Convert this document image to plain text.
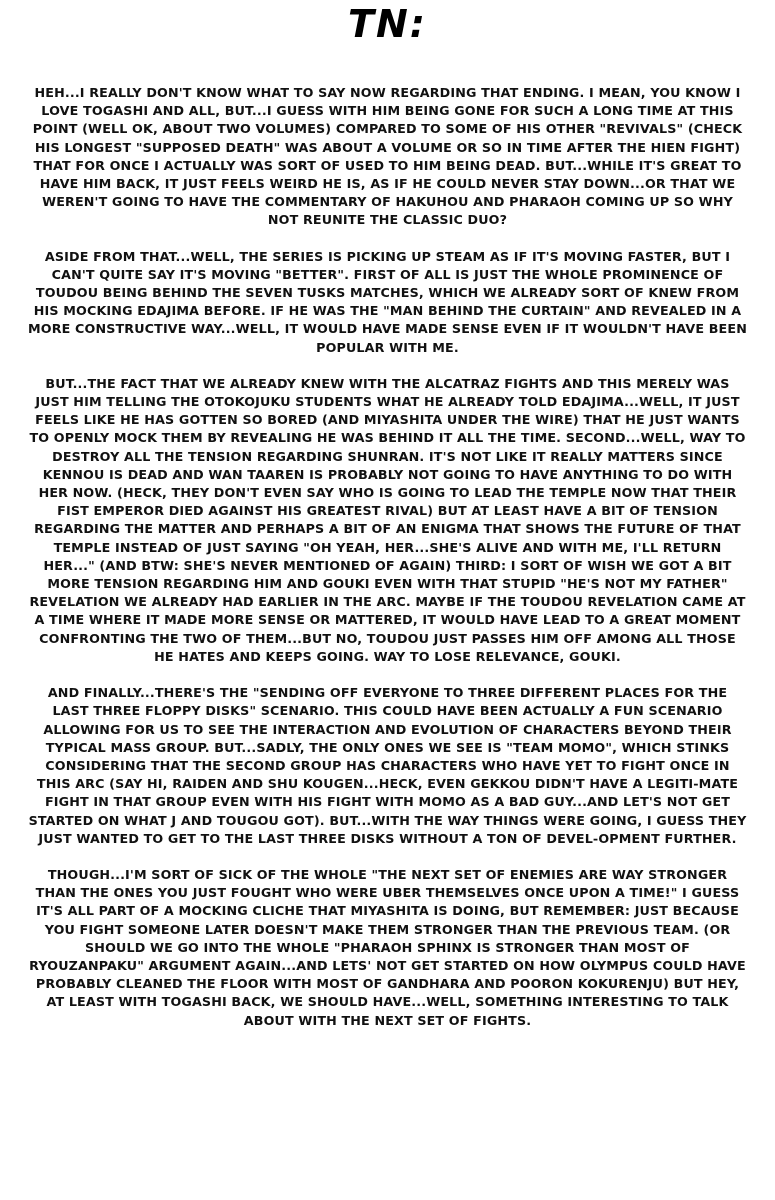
TN:

HEH...I REALLY DON'T KNOW WHAT TO SAY NOW REGARDING THAT ENDING. I MEAN, YOU KNOW I LOVE TOGASHI AND ALL, BUT...I GUESS WITH HIM BEING GONE FOR SUCH A LONG TIME AT THIS POINT (WELL OK, ABOUT TWO VOLUMES) COMPARED TO SOME OF HIS OTHER "REVIVALS" (CHECK HIS LONGEST "SUPPOSED DEATH" WAS ABOUT A VOLUME OR SO IN TIME AFTER THE HIEN FIGHT) THAT FOR ONCE I ACTUALLY WAS SORT OF USED TO HIM BEING DEAD. BUT...WHILE IT'S GREAT TO HAVE HIM BACK, IT JUST FEELS WEIRD HE IS, AS IF HE COULD NEVER STAY DOWN...OR THAT WE WEREN'T GOING TO HAVE THE COMMENTARY OF HAKUHOU AND PHARAOH COMING UP SO WHY NOT REUNITE THE CLASSIC DUO?

ASIDE FROM THAT...WELL, THE SERIES IS PICKING UP STEAM AS IF IT'S MOVING FASTER, BUT I CAN'T QUITE SAY IT'S MOVING "BETTER". FIRST OF ALL IS JUST THE WHOLE PROMINENCE OF TOUDOU BEING BEHIND THE SEVEN TUSKS MATCHES, WHICH WE ALREADY SORT OF KNEW FROM HIS MOCKING EDAJIMA BEFORE. IF HE WAS THE "MAN BEHIND THE CURTAIN" AND REVEALED IN A MORE CONSTRUCTIVE WAY...WELL, IT WOULD HAVE MADE SENSE EVEN IF IT WOULDN'T HAVE BEEN POPULAR WITH ME.

BUT...THE FACT THAT WE ALREADY KNEW WITH THE ALCATRAZ FIGHTS AND THIS MERELY WAS JUST HIM TELLING THE OTOKOJUKU STUDENTS WHAT HE ALREADY TOLD EDAJIMA...WELL, IT JUST FEELS LIKE HE HAS GOTTEN SO BORED (AND MIYASHITA UNDER THE WIRE) THAT HE JUST WANTS TO OPENLY MOCK THEM BY REVEALING HE WAS BEHIND IT ALL THE TIME. SECOND...WELL, WAY TO DESTROY ALL THE TENSION REGARDING SHUNRAN. IT'S NOT LIKE IT REALLY MATTERS SINCE KENNOU IS DEAD AND WAN TAAREN IS PROBABLY NOT GOING TO HAVE ANYTHING TO DO WITH HER NOW. (HECK, THEY DON'T EVEN SAY WHO IS GOING TO LEAD THE TEMPLE NOW THAT THEIR FIST EMPEROR DIED AGAINST HIS GREATEST RIVAL) BUT AT LEAST HAVE A BIT OF TENSION REGARDING THE MATTER AND PERHAPS A BIT OF AN ENIGMA THAT SHOWS THE FUTURE OF THAT TEMPLE INSTEAD OF JUST SAYING "OH YEAH, HER...SHE'S ALIVE AND WITH ME, I'LL RETURN HER..." (AND BTW: SHE'S NEVER MENTIONED OF AGAIN) THIRD: I SORT OF WISH WE GOT A BIT MORE TENSION REGARDING HIM AND GOUKI EVEN WITH THAT STUPID "HE'S NOT MY FATHER" REVELATION WE ALREADY HAD EARLIER IN THE ARC. MAYBE IF THE TOUDOU REVELATION CAME AT A TIME WHERE IT MADE MORE SENSE OR MATTERED, IT WOULD HAVE LEAD TO A GREAT MOMENT CONFRONTING THE TWO OF THEM...BUT NO, TOUDOU JUST PASSES HIM OFF AMONG ALL THOSE HE HATES AND KEEPS GOING. WAY TO LOSE RELEVANCE, GOUKI.

AND FINALLY...THERE'S THE "SENDING OFF EVERYONE TO THREE DIFFERENT PLACES FOR THE LAST THREE FLOPPY DISKS" SCENARIO. THIS COULD HAVE BEEN ACTUALLY A FUN SCENARIO ALLOWING FOR US TO SEE THE INTERACTION AND EVOLUTION OF CHARACTERS BEYOND THEIR TYPICAL MASS GROUP. BUT...SADLY, THE ONLY ONES WE SEE IS "TEAM MOMO", WHICH STINKS CONSIDERING THAT THE SECOND GROUP HAS CHARACTERS WHO HAVE YET TO FIGHT ONCE IN THIS ARC (SAY HI, RAIDEN AND SHU KOUGEN...HECK, EVEN GEKKOU DIDN'T HAVE A LEGITI-MATE FIGHT IN THAT GROUP EVEN WITH HIS FIGHT WITH MOMO AS A BAD GUY...AND LET'S NOT GET STARTED ON WHAT J AND TOUGOU GOT). BUT...WITH THE WAY THINGS WERE GOING, I GUESS THEY JUST WANTED TO GET TO THE LAST THREE DISKS WITHOUT A TON OF DEVEL-OPMENT FURTHER.

THOUGH...I'M SORT OF SICK OF THE WHOLE "THE NEXT SET OF ENEMIES ARE WAY STRONGER THAN THE ONES YOU JUST FOUGHT WHO WERE UBER THEMSELVES ONCE UPON A TIME!" I GUESS IT'S ALL PART OF A MOCKING CLICHE THAT MIYASHITA IS DOING, BUT REMEMBER: JUST BECAUSE YOU FIGHT SOMEONE LATER DOESN'T MAKE THEM STRONGER THAN THE PREVIOUS TEAM. (OR SHOULD WE GO INTO THE WHOLE "PHARAOH SPHINX IS STRONGER THAN MOST OF RYOUZANPAKU" ARGUMENT AGAIN...AND LETS' NOT GET STARTED ON HOW OLYMPUS COULD HAVE PROBABLY CLEANED THE FLOOR WITH MOST OF GANDHARA AND POORON KOKURENJU) BUT HEY, AT LEAST WITH TOGASHI BACK, WE SHOULD HAVE...WELL, SOMETHING INTERESTING TO TALK ABOUT WITH THE NEXT SET OF FIGHTS.
